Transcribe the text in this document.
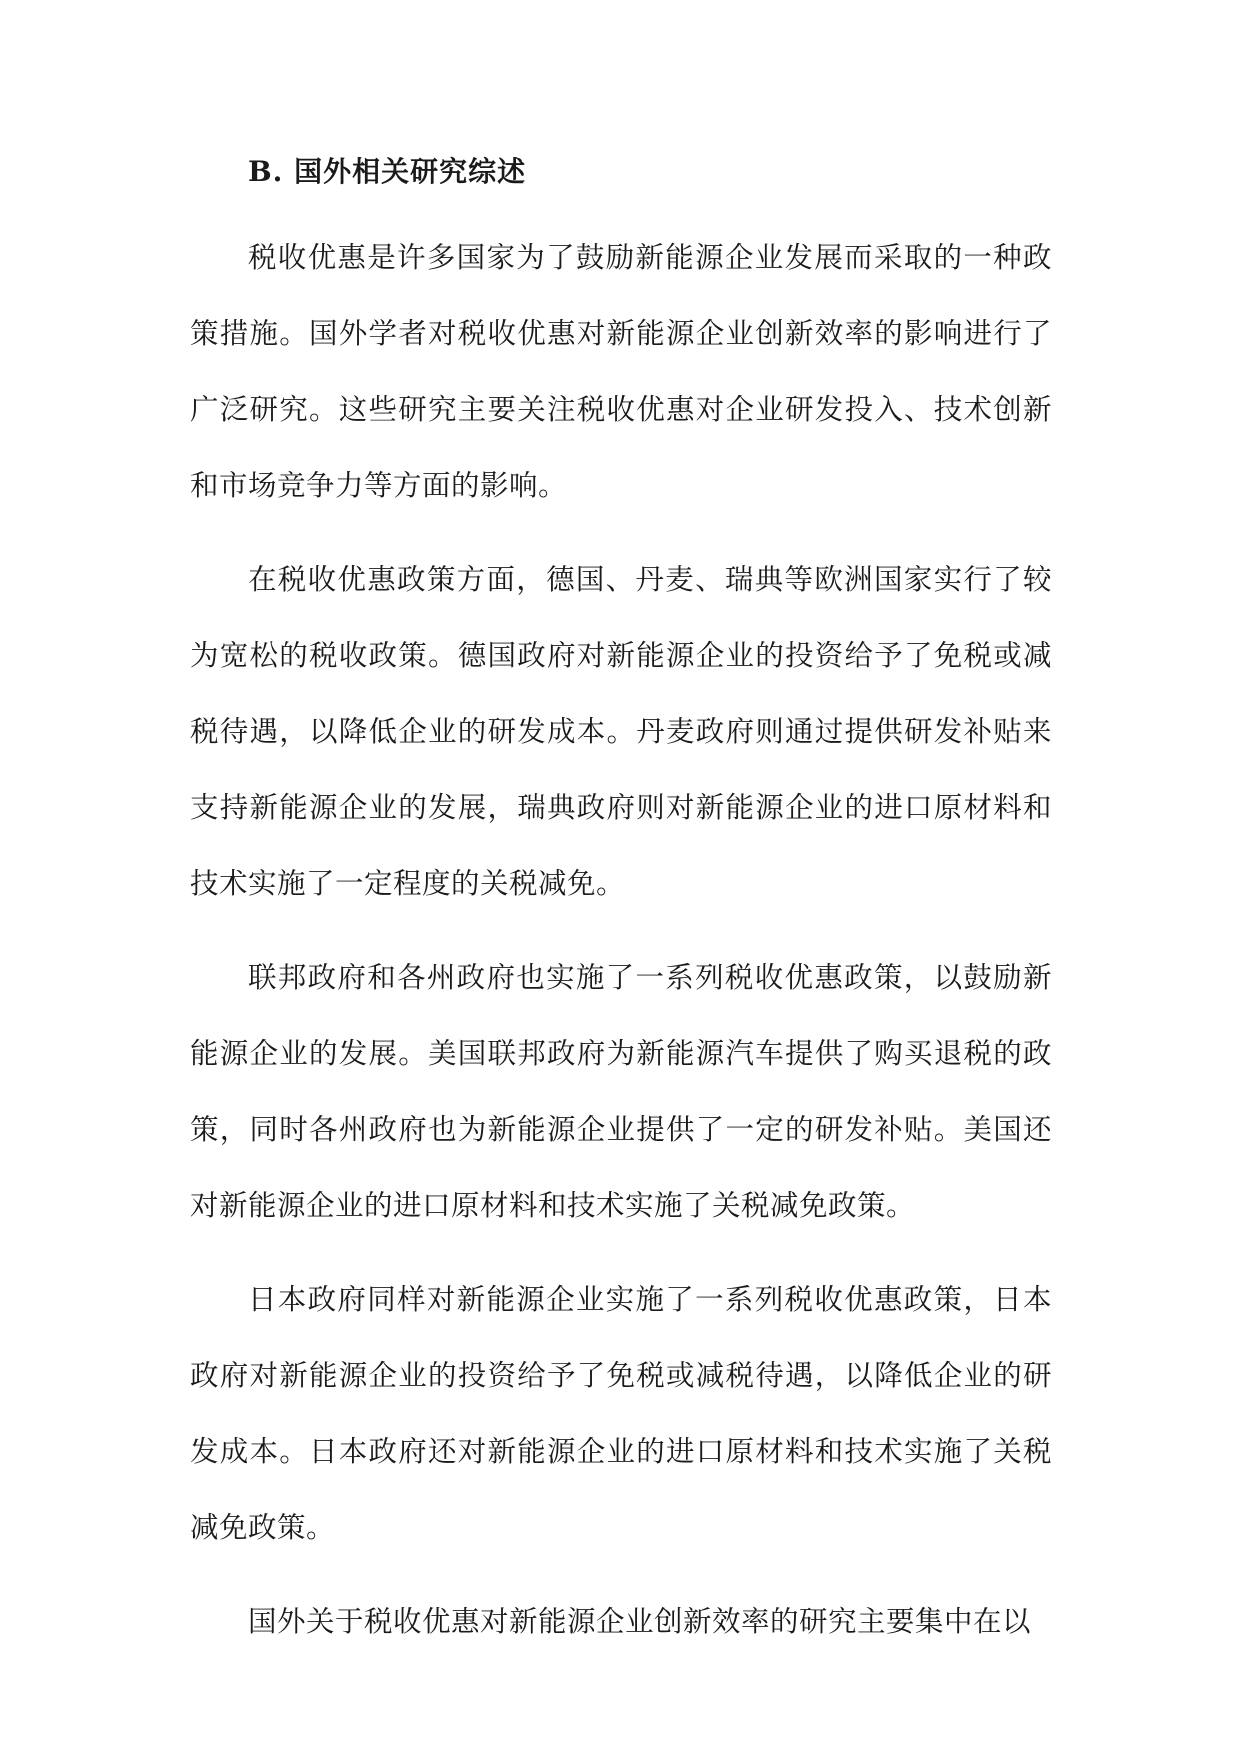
B. 国外相关研究综述

税收优惠是许多国家为了鼓励新能源企业发展而采取的一种政策措施。国外学者对税收优惠对新能源企业创新效率的影响进行了广泛研究。这些研究主要关注税收优惠对企业研发投入、技术创新和市场竞争力等方面的影响。

在税收优惠政策方面，德国、丹麦、瑞典等欧洲国家实行了较为宽松的税收政策。德国政府对新能源企业的投资给予了免税或减税待遇，以降低企业的研发成本。丹麦政府则通过提供研发补贴来支持新能源企业的发展，瑞典政府则对新能源企业的进口原材料和技术实施了一定程度的关税减免。

联邦政府和各州政府也实施了一系列税收优惠政策，以鼓励新能源企业的发展。美国联邦政府为新能源汽车提供了购买退税的政策，同时各州政府也为新能源企业提供了一定的研发补贴。美国还对新能源企业的进口原材料和技术实施了关税减免政策。

日本政府同样对新能源企业实施了一系列税收优惠政策，日本政府对新能源企业的投资给予了免税或减税待遇，以降低企业的研发成本。日本政府还对新能源企业的进口原材料和技术实施了关税减免政策。

国外关于税收优惠对新能源企业创新效率的研究主要集中在以
